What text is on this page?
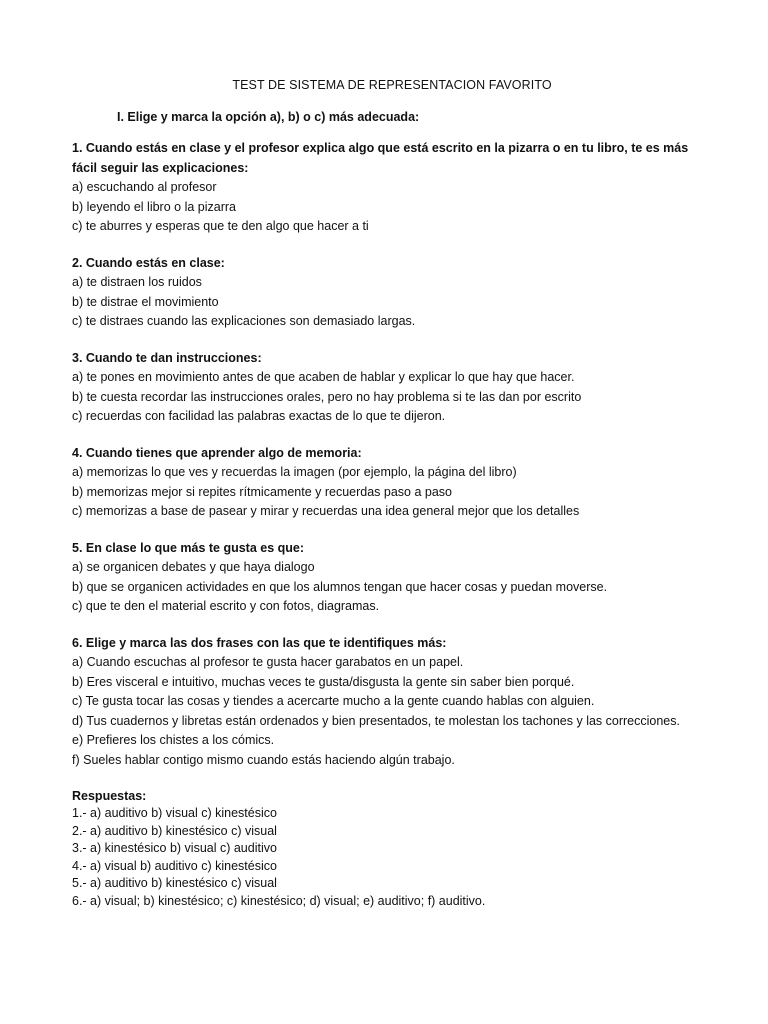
TEST DE SISTEMA DE REPRESENTACION FAVORITO
I. Elige y marca la opción a), b) o c) más adecuada:
1. Cuando estás en clase y el profesor explica algo que está escrito en la pizarra o en tu libro, te es más fácil seguir las explicaciones:
a) escuchando al profesor
b) leyendo el libro o la pizarra
c) te aburres y esperas que te den algo que hacer a ti
2. Cuando estás en clase:
a) te distraen los ruidos
b) te distrae el movimiento
c) te distraes cuando las explicaciones son demasiado largas.
3. Cuando te dan instrucciones:
a) te pones en movimiento antes de que acaben de hablar y explicar lo que hay que hacer.
b) te cuesta recordar las instrucciones orales, pero no hay problema si te las dan por escrito
c) recuerdas con facilidad las palabras exactas de lo que te dijeron.
4. Cuando tienes que aprender algo de memoria:
a) memorizas lo que ves y recuerdas la imagen (por ejemplo, la página del libro)
b) memorizas mejor si repites rítmicamente y recuerdas paso a paso
c) memorizas a base de pasear y mirar y recuerdas una idea general mejor que los detalles
5. En clase lo que más te gusta es que:
a) se organicen debates y que haya dialogo
b) que se organicen actividades en que los alumnos tengan que hacer cosas y puedan moverse.
c) que te den el material escrito y con fotos, diagramas.
6. Elige y marca las dos frases con las que te identifiques más:
a) Cuando escuchas al profesor te gusta hacer garabatos en un papel.
b) Eres visceral e intuitivo, muchas veces te gusta/disgusta la gente sin saber bien porqué.
c) Te gusta tocar las cosas y tiendes a acercarte mucho a la gente cuando hablas con alguien.
d) Tus cuadernos y libretas están ordenados y bien presentados, te molestan los tachones y las correcciones.
e) Prefieres los chistes a los cómics.
f) Sueles hablar contigo mismo cuando estás haciendo algún trabajo.
Respuestas:
1.- a) auditivo b) visual c) kinestésico
2.- a) auditivo b) kinestésico c) visual
3.- a) kinestésico b) visual c) auditivo
4.- a) visual b) auditivo c) kinestésico
5.- a) auditivo b) kinestésico c) visual
6.- a) visual; b) kinestésico; c) kinestésico; d) visual; e) auditivo; f) auditivo.
